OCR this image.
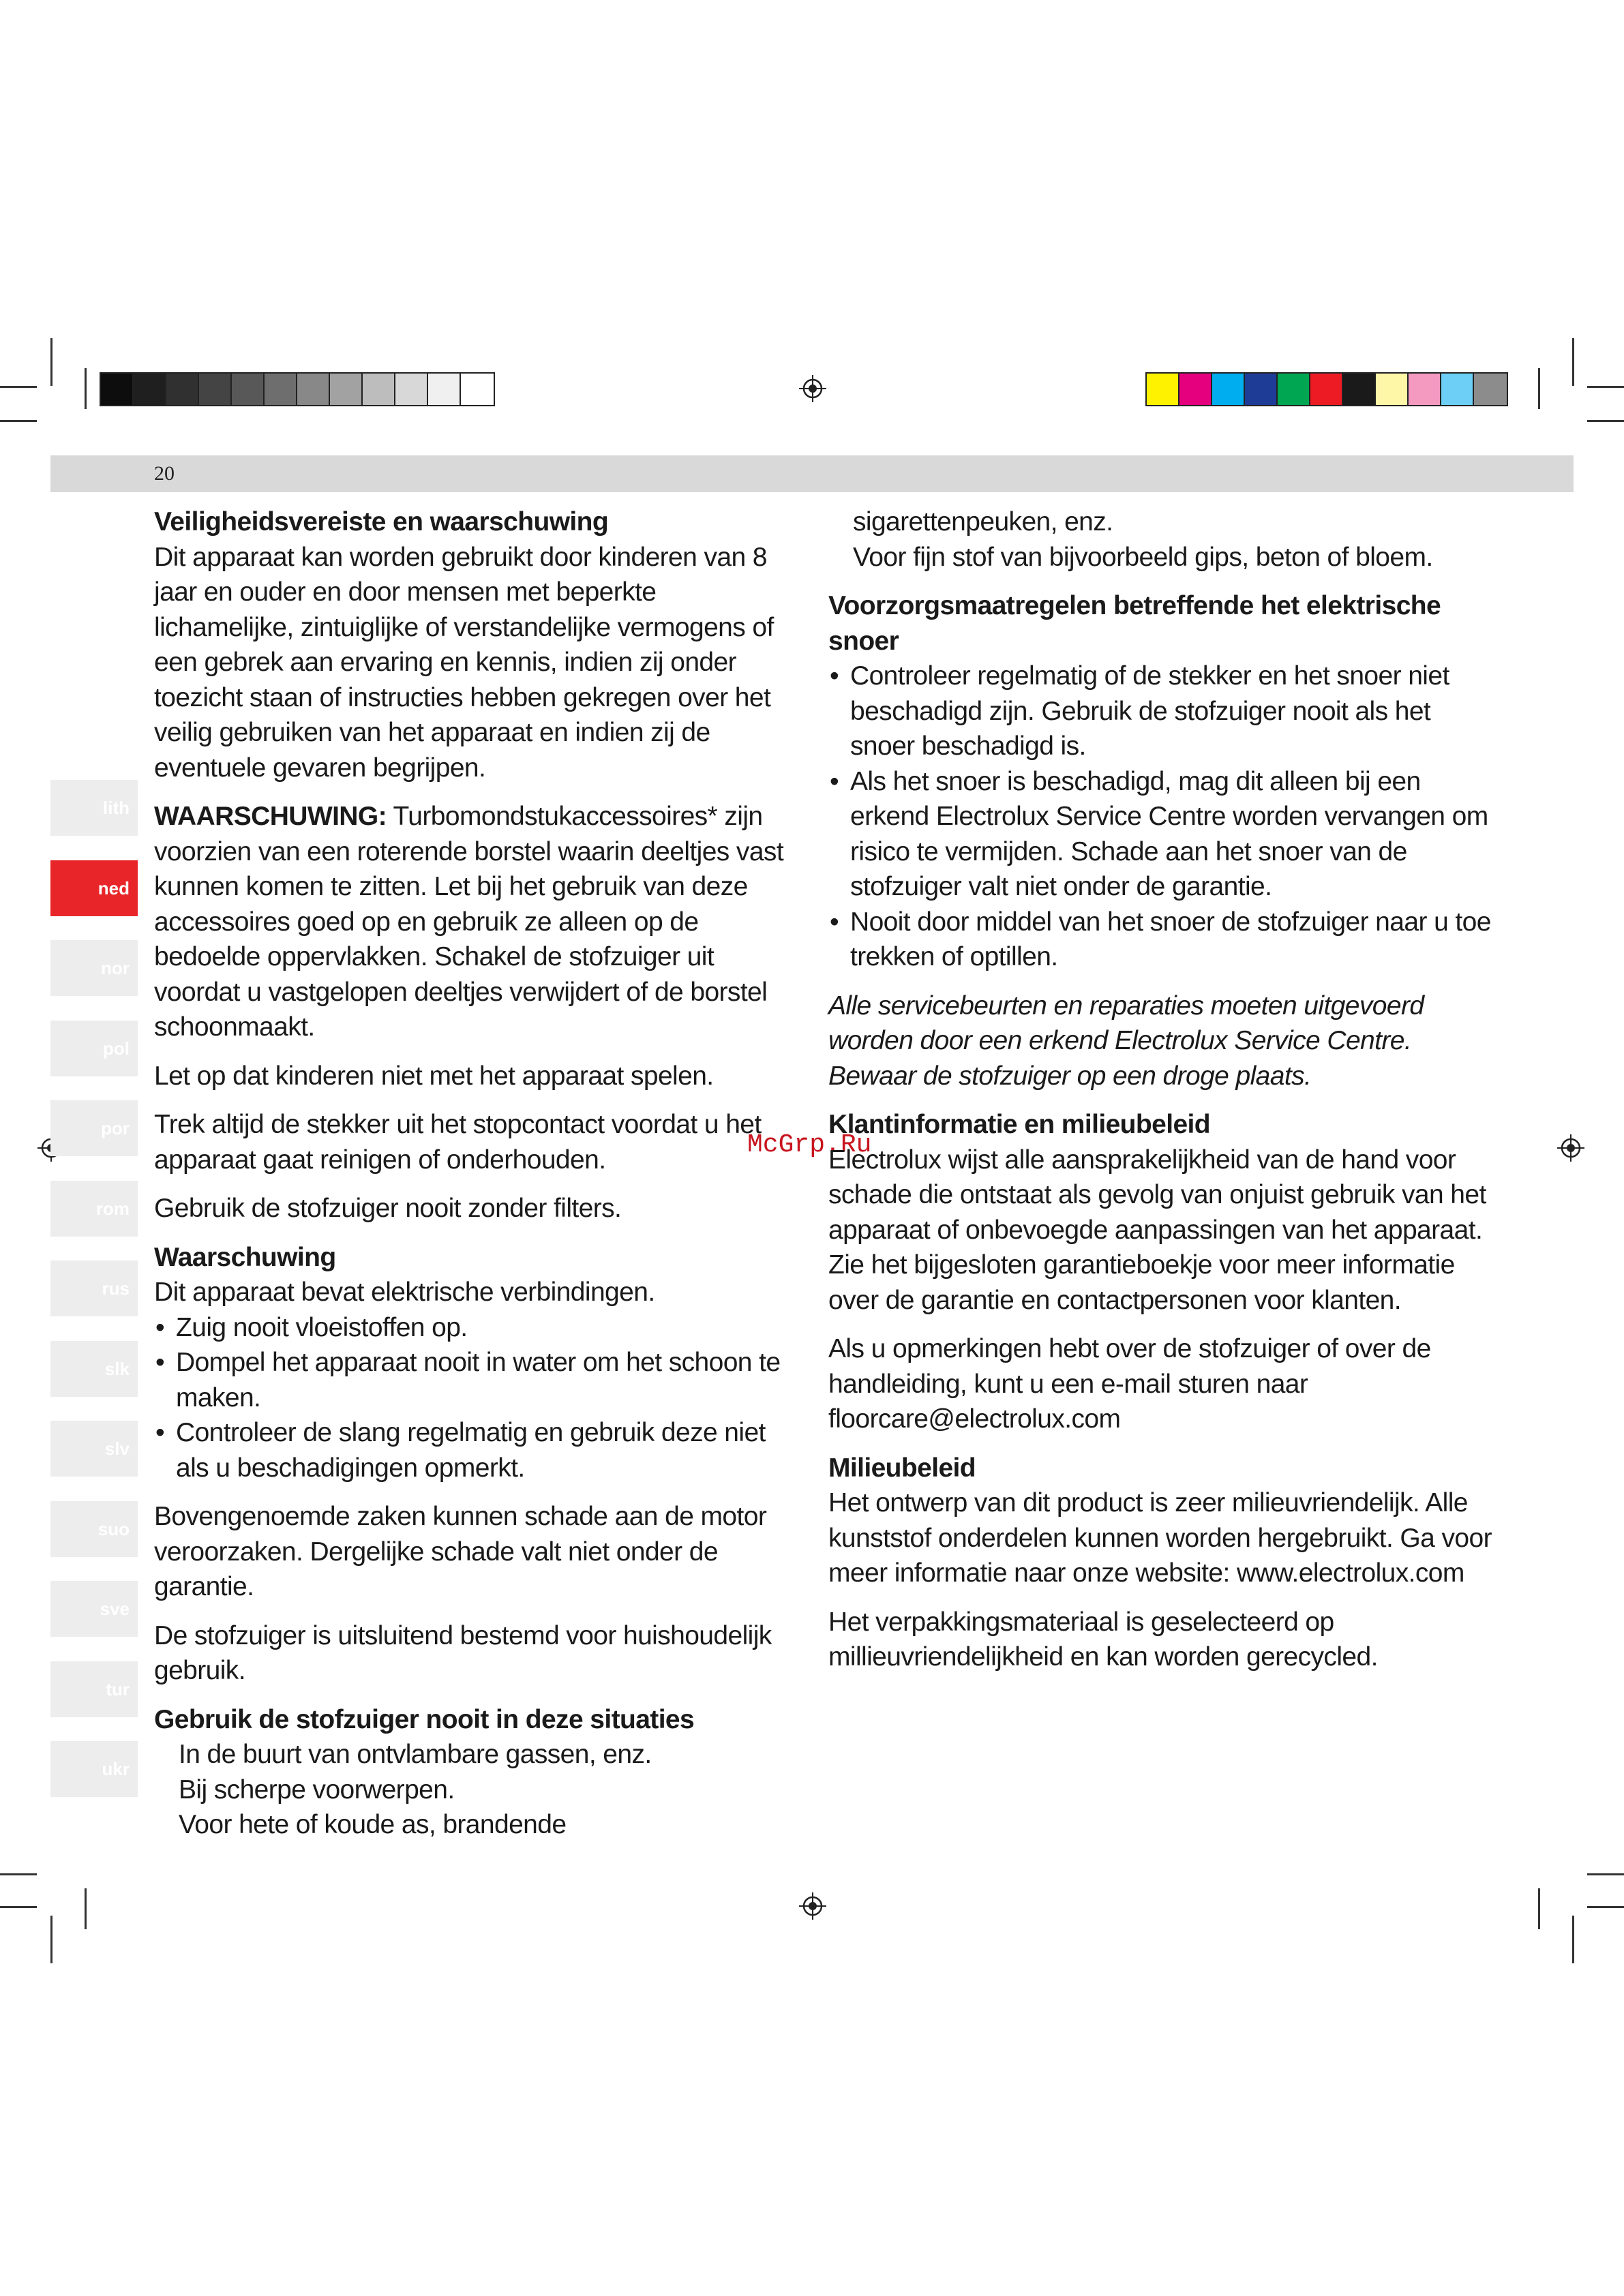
20
lith
ned
nor
pol
por
rom
rus
slk
slv
suo
sve
tur
ukr
McGrp.Ru
Veiligheidsvereiste en waarschuwing

Dit apparaat kan worden gebruikt door kinderen van 8 jaar en ouder en door mensen met beperkte lichamelijke, zintuiglijke of verstandelijke vermogens of een gebrek aan ervaring en kennis, indien zij onder toezicht staan of instructies hebben gekregen over het veilig gebruiken van het apparaat en indien zij de eventuele gevaren begrijpen.

WAARSCHUWING: Turbomondstukaccessoires* zijn voorzien van een roterende borstel waarin deeltjes vast kunnen komen te zitten. Let bij het gebruik van deze accessoires goed op en gebruik ze alleen op de bedoelde oppervlakken. Schakel de stofzuiger uit voordat u vastgelopen deeltjes verwijdert of de borstel schoonmaakt.

Let op dat kinderen niet met het apparaat spelen.

Trek altijd de stekker uit het stopcontact voordat u het apparaat gaat reinigen of onderhouden.

Gebruik de stofzuiger nooit zonder filters.

Waarschuwing

Dit apparaat bevat elektrische verbindingen.

• Zuig nooit vloeistoffen op.
• Dompel het apparaat nooit in water om het schoon te maken.
• Controleer de slang regelmatig en gebruik deze niet als u beschadigingen opmerkt.

Bovengenoemde zaken kunnen schade aan de motor veroorzaken. Dergelijke schade valt niet onder de garantie.

De stofzuiger is uitsluitend bestemd voor huishoudelijk gebruik.

Gebruik de stofzuiger nooit in deze situaties
In de buurt van ontvlambare gassen, enz.
Bij scherpe voorwerpen.
Voor hete of koude as, brandende
sigarettenpeuken, enz.
Voor fijn stof van bijvoorbeeld gips, beton of bloem.
Voorzorgsmaatregelen betreffende het elektrische snoer
• Controleer regelmatig of de stekker en het snoer niet beschadigd zijn. Gebruik de stofzuiger nooit als het snoer beschadigd is.
• Als het snoer is beschadigd, mag dit alleen bij een erkend Electrolux Service Centre worden vervangen om risico te vermijden. Schade aan het snoer van de stofzuiger valt niet onder de garantie.
• Nooit door middel van het snoer de stofzuiger naar u toe trekken of optillen.

Alle servicebeurten en reparaties moeten uitgevoerd worden door een erkend Electrolux Service Centre. Bewaar de stofzuiger op een droge plaats.

Klantinformatie en milieubeleid

Electrolux wijst alle aansprakelijkheid van de hand voor schade die ontstaat als gevolg van onjuist gebruik van het apparaat of onbevoegde aanpassingen van het apparaat. Zie het bijgesloten garantieboekje voor meer informatie over de garantie en contactpersonen voor klanten.

Als u opmerkingen hebt over de stofzuiger of over de handleiding, kunt u een e-mail sturen naar floorcare@electrolux.com

Milieubeleid

Het ontwerp van dit product is zeer milieuvriendelijk. Alle kunststof onderdelen kunnen worden hergebruikt. Ga voor meer informatie naar onze website: www.electrolux.com

Het verpakkingsmateriaal is geselecteerd op millieuvriendelijkheid en kan worden gerecycled.
